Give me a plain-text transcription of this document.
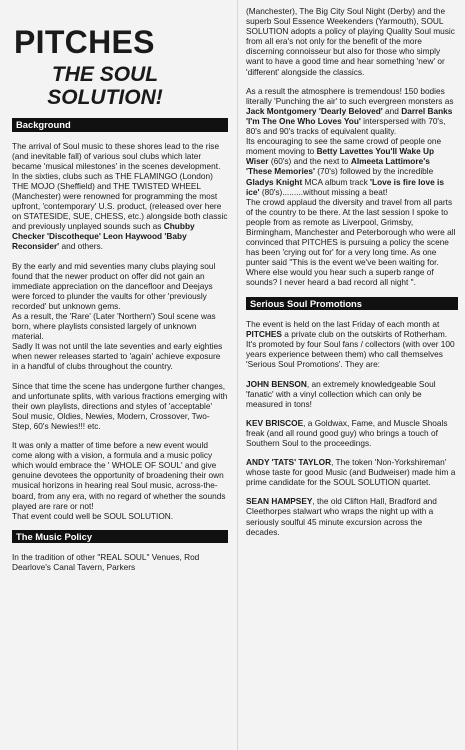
PITCHES
THE SOUL SOLUTION!
Background

The arrival of Soul music to these shores lead to the rise (and inevitable fall) of various soul clubs which later became 'musical milestones' in the scenes development.
In the sixties, clubs such as THE FLAMINGO (London) THE MOJO (Sheffield) and THE TWISTED WHEEL (Manchester) were renowned for programming the most upfront, 'contemporary' U.S. product, (released over here on STATESIDE, SUE, CHESS, etc.) alongside both classic and previously unplayed sounds such as Chubby Checker 'Discotheque' Leon Haywood 'Baby Reconsider' and others.

By the early and mid seventies many clubs playing soul found that the newer product on offer did not gain an immediate appreciation on the dancefloor and Deejays were forced to plunder the vaults for other 'previously recorded' but unknown gems.
As a result, the 'Rare' (Later 'Northern') Soul scene was born, where playlists consisted largely of unknown material.
Sadly It was not until the late seventies and early eighties when newer releases started to 'again' achieve exposure in a handful of clubs throughout the country.

Since that time the scene has undergone further changes, and unfortunate splits, with various fractions emerging with their own playlists, directions and styles of 'acceptable' Soul music, Oldies, Newies, Modern, Crossover, Two-Step, 60's Newies!!! etc.

It was only a matter of time before a new event would come along with a vision, a formula and a music policy which would embrace the ' WHOLE OF SOUL' and give genuine devotees the opportunity of broadening their own musical horizons in hearing real Soul music, across-the-board, from any era, with no regard of whether the sounds played are rare or not!
That event could well be SOUL SOLUTION.

The Music Policy

In the tradition of other "REAL SOUL" Venues, Rod Dearlove's Canal Tavern, Parkers

(Manchester), The Big City Soul Night (Derby) and the superb Soul Essence Weekenders (Yarmouth), SOUL SOLUTION adopts a policy of playing Quality Soul music from all era's not only for the benefit of the more discerning connoisseur but also for those who simply want to have a good time and hear something 'new' or 'different' alongside the classics.

As a result the atmosphere is tremendous! 150 bodies literally 'Punching the air' to such evergreen monsters as
Jack Montgomery 'Dearly Beloved' and Darrel Banks 'I'm The One Who Loves You' interspersed with 70's, 80's and 90's tracks of equivalent quality.
Its encouraging to see the same crowd of people one moment moving to Betty Lavettes You'll Wake Up Wiser (60's) and the next to Almeeta Lattimore's 'These Memories' (70's) followed by the incredible Gladys Knight MCA album track 'Love is fire love is ice' (80's).........without missing a beat!
The crowd applaud the diversity and travel from all parts of the country to be there. At the last session I spoke to people from as remote as Liverpool, Grimsby, Birmingham, Manchester and Peterborough who were all convinced that PITCHES is pursuing a policy the scene has been 'crying out for' for a very long time. As one punter said "This is the event we've been waiting for. Where else would you hear such a superb range of sounds? I never heard a bad record all night ".

Serious Soul Promotions

The event is held on the last Friday of each month at PITCHES a private club on the outskirts of Rotherham. It's promoted by four Soul fans / collectors (with over 100 years experience between them) who call themselves 'Serious Soul Promotions'. They are:

JOHN BENSON, an extremely knowledgeable Soul 'fanatic' with a vinyl collection which can only be measured in tons!

KEV BRISCOE, a Goldwax, Fame, and Muscle Shoals freak (and all round good guy) who brings a touch of Southern Soul to the proceedings.

ANDY 'TATS' TAYLOR, The token 'Non-Yorkshireman' whose taste for good Music (and Budweiser) made him a prime candidate for the SOUL SOLUTION quartet.

SEAN HAMPSEY, the old Clifton Hall, Bradford and Cleethorpes stalwart who wraps the night up with a seriously soulful 45 minute excursion across the decades.
